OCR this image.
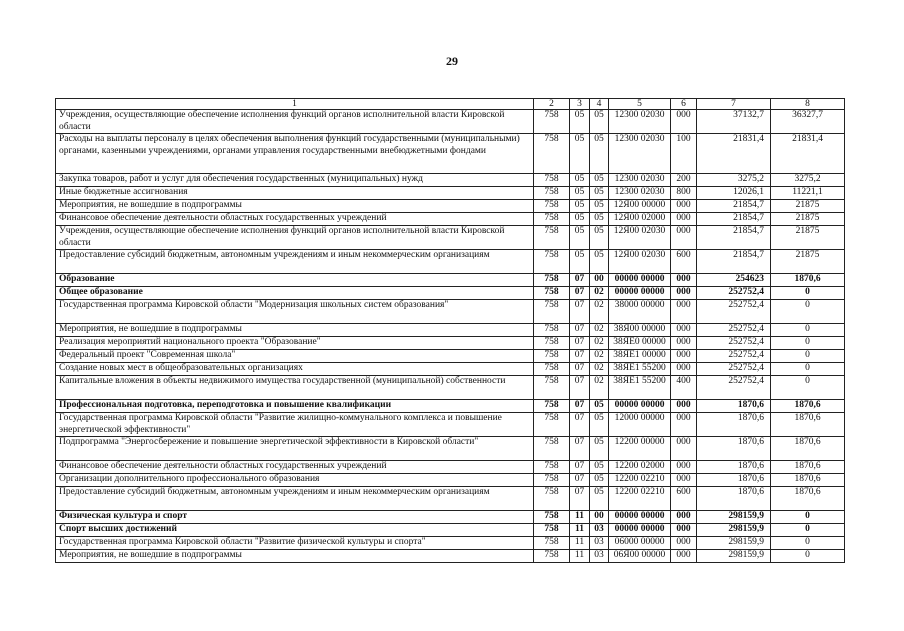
29
1	2	3	4	5	6	7	8
Учреждения, осуществляющие обеспечение исполнения функций органов исполнительной власти Кировской области	758	05	05	12300 02030	000	37132,7	36327,7
Расходы на выплаты персоналу в целях обеспечения выполнения функций государственными (муниципальными) органами, казенными учреждениями, органами управления государственными внебюджетными фондами	758	05	05	12300 02030	100	21831,4	21831,4
Закупка товаров, работ и услуг для обеспечения государственных (муниципальных) нужд	758	05	05	12300 02030	200	3275,2	3275,2
Иные бюджетные ассигнования	758	05	05	12300 02030	800	12026,1	11221,1
Мероприятия, не вошедшие в подпрограммы	758	05	05	12Я00 00000	000	21854,7	21875
Финансовое обеспечение деятельности областных государственных учреждений	758	05	05	12Я00 02000	000	21854,7	21875
Учреждения, осуществляющие обеспечение исполнения функций органов исполнительной власти Кировской области	758	05	05	12Я00 02030	000	21854,7	21875
Предоставление субсидий бюджетным, автономным учреждениям и иным некоммерческим организациям	758	05	05	12Я00 02030	600	21854,7	21875
Образование	758	07	00	00000 00000	000	254623	1870,6
Общее образование	758	07	02	00000 00000	000	252752,4	0
Государственная программа Кировской области "Модернизация школьных систем образования"	758	07	02	38000 00000	000	252752,4	0
Мероприятия, не вошедшие в подпрограммы	758	07	02	38Я00 00000	000	252752,4	0
Реализация мероприятий национального проекта "Образование"	758	07	02	38ЯЕ0 00000	000	252752,4	0
Федеральный проект "Современная школа"	758	07	02	38ЯЕ1 00000	000	252752,4	0
Создание новых мест в общеобразовательных организациях	758	07	02	38ЯЕ1 55200	000	252752,4	0
Капитальные вложения в объекты недвижимого имущества государственной (муниципальной) собственности	758	07	02	38ЯЕ1 55200	400	252752,4	0
Профессиональная подготовка, переподготовка и повышение квалификации	758	07	05	00000 00000	000	1870,6	1870,6
Государственная программа Кировской области "Развитие жилищно-коммунального комплекса и повышение энергетической эффективности"	758	07	05	12000 00000	000	1870,6	1870,6
Подпрограмма "Энергосбережение и повышение энергетической эффективности в Кировской области"	758	07	05	12200 00000	000	1870,6	1870,6
Финансовое обеспечение деятельности областных государственных учреждений	758	07	05	12200 02000	000	1870,6	1870,6
Организации дополнительного профессионального образования	758	07	05	12200 02210	000	1870,6	1870,6
Предоставление субсидий бюджетным, автономным учреждениям и иным некоммерческим организациям	758	07	05	12200 02210	600	1870,6	1870,6
Физическая культура и спорт	758	11	00	00000 00000	000	298159,9	0
Спорт высших достижений	758	11	03	00000 00000	000	298159,9	0
Государственная программа Кировской области "Развитие физической культуры и спорта"	758	11	03	06000 00000	000	298159,9	0
Мероприятия, не вошедшие в подпрограммы	758	11	03	06Я00 00000	000	298159,9	0
